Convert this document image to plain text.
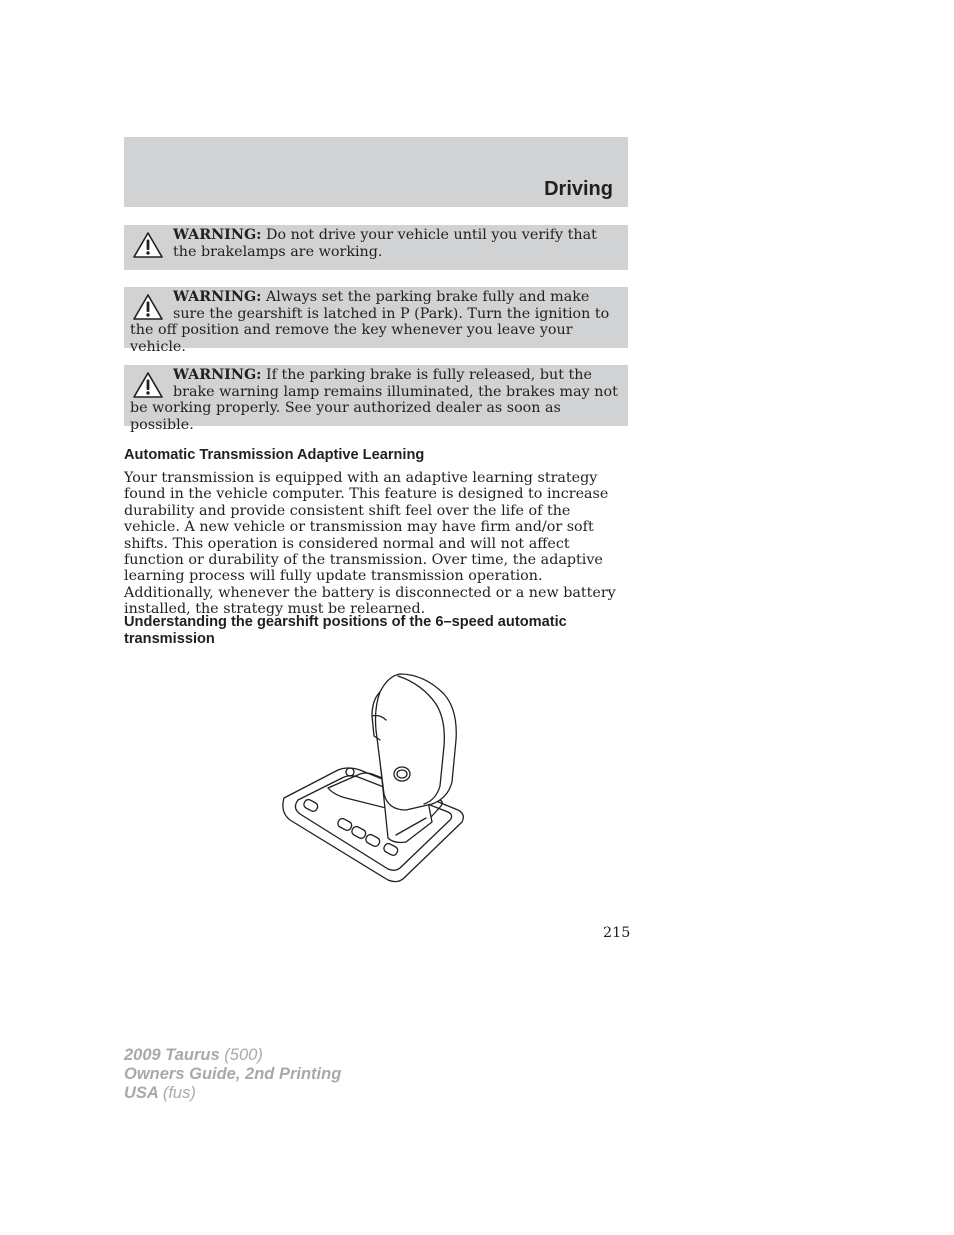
Driving
WARNING: Do not drive your vehicle until you verify that the brakelamps are working.
WARNING: Always set the parking brake fully and make sure the gearshift is latched in P (Park). Turn the ignition to the off position and remove the key whenever you leave your vehicle.
WARNING: If the parking brake is fully released, but the brake warning lamp remains illuminated, the brakes may not be working properly. See your authorized dealer as soon as possible.
Automatic Transmission Adaptive Learning
Your transmission is equipped with an adaptive learning strategy found in the vehicle computer. This feature is designed to increase durability and provide consistent shift feel over the life of the vehicle. A new vehicle or transmission may have firm and/or soft shifts. This operation is considered normal and will not affect function or durability of the transmission. Over time, the adaptive learning process will fully update transmission operation. Additionally, whenever the battery is disconnected or a new battery installed, the strategy must be relearned.
Understanding the gearshift positions of the 6–speed automatic transmission
215
2009 Taurus (500)
Owners Guide, 2nd Printing
USA (fus)
